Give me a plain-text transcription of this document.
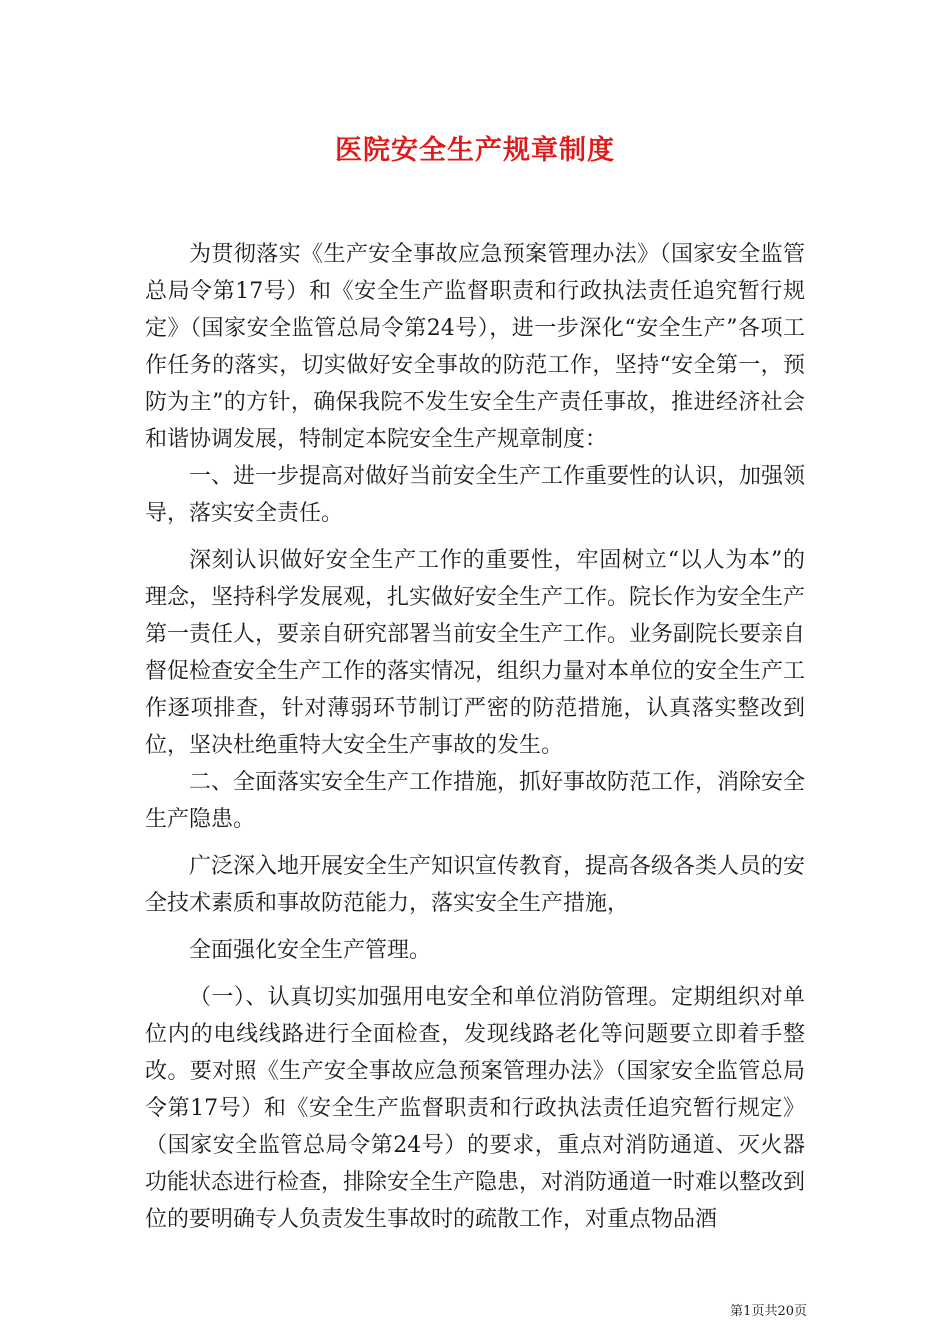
医院安全生产规章制度

为贯彻落实《生产安全事故应急预案管理办法》（国家安全监管总局令第17号）和《安全生产监督职责和行政执法责任追究暂行规定》（国家安全监管总局令第24号），进一步深化“安全生产”各项工作任务的落实，切实做好安全事故的防范工作，坚持“安全第一，预防为主”的方针，确保我院不发生安全生产责任事故，推进经济社会和谐协调发展，特制定本院安全生产规章制度：

一、进一步提高对做好当前安全生产工作重要性的认识，加强领导，落实安全责任。

深刻认识做好安全生产工作的重要性，牢固树立“以人为本”的理念，坚持科学发展观，扎实做好安全生产工作。院长作为安全生产第一责任人，要亲自研究部署当前安全生产工作。业务副院长要亲自督促检查安全生产工作的落实情况，组织力量对本单位的安全生产工作逐项排查，针对薄弱环节制订严密的防范措施，认真落实整改到位，坚决杜绝重特大安全生产事故的发生。

二、全面落实安全生产工作措施，抓好事故防范工作，消除安全生产隐患。

广泛深入地开展安全生产知识宣传教育，提高各级各类人员的安全技术素质和事故防范能力，落实安全生产措施，

全面强化安全生产管理。

（一）、认真切实加强用电安全和单位消防管理。定期组织对单位内的电线线路进行全面检查，发现线路老化等问题要立即着手整改。要对照《生产安全事故应急预案管理办法》（国家安全监管总局令第17号）和《安全生产监督职责和行政执法责任追究暂行规定》（国家安全监管总局令第24号）的要求，重点对消防通道、灭火器功能状态进行检查，排除安全生产隐患，对消防通道一时难以整改到位的要明确专人负责发生事故时的疏散工作，对重点物品酒

第1页共20页
